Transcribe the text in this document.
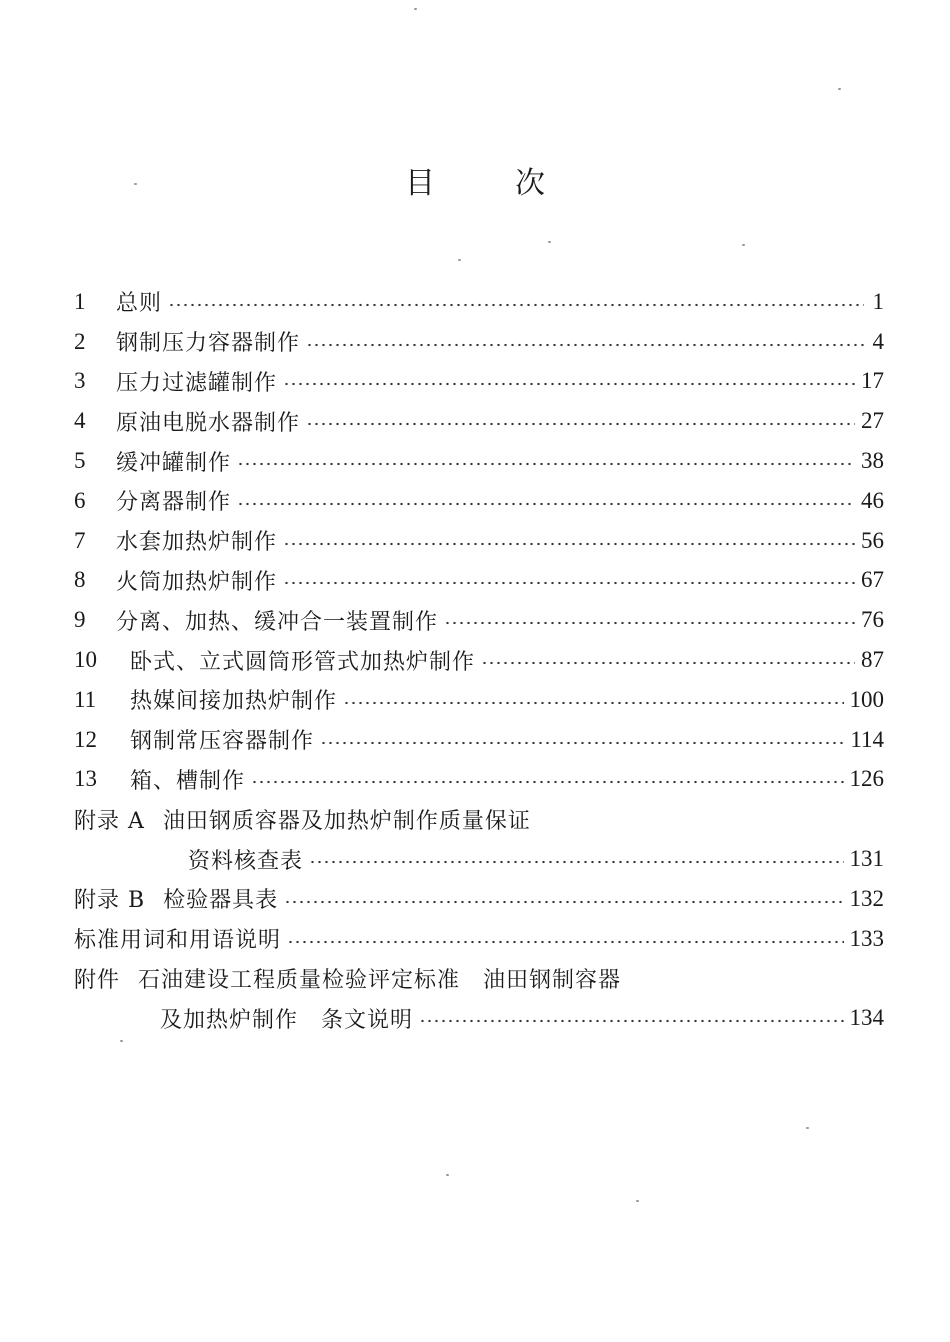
目	次
1	总则	1
2	钢制压力容器制作	4
3	压力过滤罐制作	17
4	原油电脱水器制作	27
5	缓冲罐制作	38
6	分离器制作	46
7	水套加热炉制作	56
8	火筒加热炉制作	67
9	分离、加热、缓冲合一装置制作	76
10	卧式、立式圆筒形管式加热炉制作	87
11	热媒间接加热炉制作	100
12	钢制常压容器制作	114
13	箱、槽制作	126
附录 A 油田钢质容器及加热炉制作质量保证
资料核查表	131
附录 B 检验器具表	132
标准用词和用语说明	133
附件 石油建设工程质量检验评定标准　油田钢制容器
及加热炉制作　条文说明	134
